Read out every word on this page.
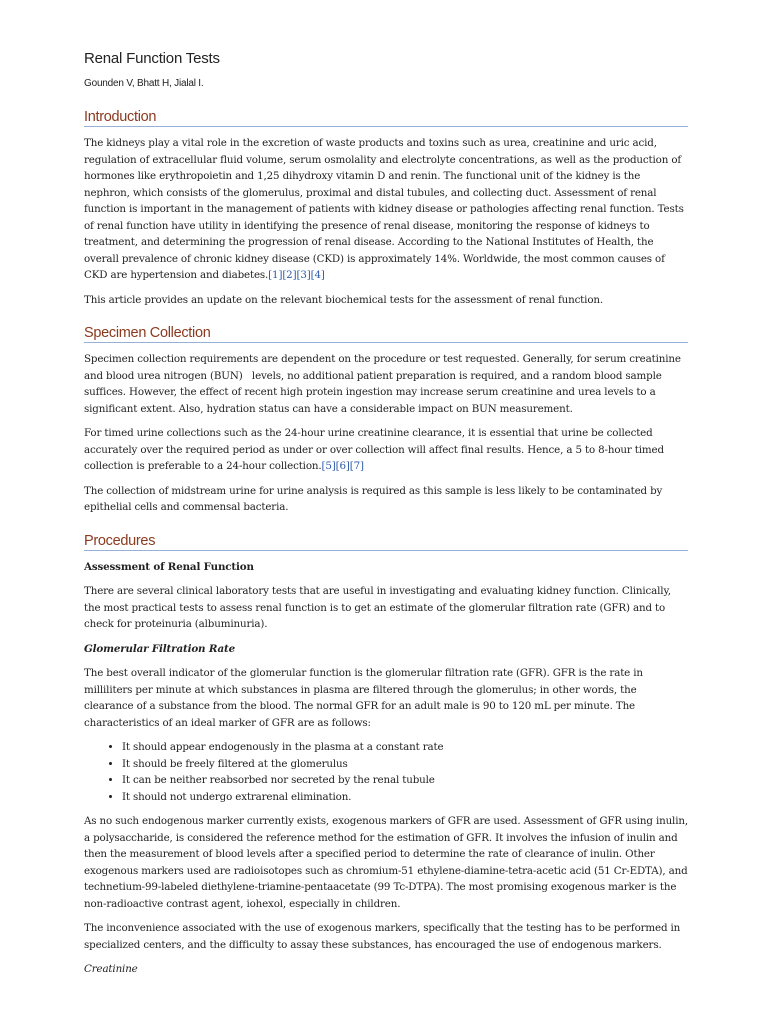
Renal Function Tests
Gounden V, Bhatt H, Jialal I.
Introduction

The kidneys play a vital role in the excretion of waste products and toxins such as urea, creatinine and uric acid, regulation of extracellular fluid volume, serum osmolality and electrolyte concentrations, as well as the production of hormones like erythropoietin and 1,25 dihydroxy vitamin D and renin. The functional unit of the kidney is the nephron, which consists of the glomerulus, proximal and distal tubules, and collecting duct. Assessment of renal function is important in the management of patients with kidney disease or pathologies affecting renal function. Tests of renal function have utility in identifying the presence of renal disease, monitoring the response of kidneys to treatment, and determining the progression of renal disease. According to the National Institutes of Health, the overall prevalence of chronic kidney disease (CKD) is approximately 14%. Worldwide, the most common causes of CKD are hypertension and diabetes.[1][2][3][4]

This article provides an update on the relevant biochemical tests for the assessment of renal function.

Specimen Collection

Specimen collection requirements are dependent on the procedure or test requested. Generally, for serum creatinine and blood urea nitrogen (BUN)   levels, no additional patient preparation is required, and a random blood sample suffices. However, the effect of recent high protein ingestion may increase serum creatinine and urea levels to a significant extent. Also, hydration status can have a considerable impact on BUN measurement.

For timed urine collections such as the 24-hour urine creatinine clearance, it is essential that urine be collected accurately over the required period as under or over collection will affect final results. Hence, a 5 to 8-hour timed collection is preferable to a 24-hour collection.[5][6][7]

The collection of midstream urine for urine analysis is required as this sample is less likely to be contaminated by epithelial cells and commensal bacteria.

Procedures

Assessment of Renal Function

There are several clinical laboratory tests that are useful in investigating and evaluating kidney function. Clinically, the most practical tests to assess renal function is to get an estimate of the glomerular filtration rate (GFR) and to check for proteinuria (albuminuria).

Glomerular Filtration Rate

The best overall indicator of the glomerular function is the glomerular filtration rate (GFR). GFR is the rate in milliliters per minute at which substances in plasma are filtered through the glomerulus; in other words, the clearance of a substance from the blood. The normal GFR for an adult male is 90 to 120 mL per minute. The characteristics of an ideal marker of GFR are as follows:

• It should appear endogenously in the plasma at a constant rate
• It should be freely filtered at the glomerulus
• It can be neither reabsorbed nor secreted by the renal tubule
• It should not undergo extrarenal elimination.

As no such endogenous marker currently exists, exogenous markers of GFR are used. Assessment of GFR using inulin, a polysaccharide, is considered the reference method for the estimation of GFR. It involves the infusion of inulin and then the measurement of blood levels after a specified period to determine the rate of clearance of inulin. Other exogenous markers used are radioisotopes such as chromium-51 ethylene-diamine-tetra-acetic acid (51 Cr-EDTA), and technetium-99-labeled diethylene-triamine-pentaacetate (99 Tc-DTPA). The most promising exogenous marker is the non-radioactive contrast agent, iohexol, especially in children.

The inconvenience associated with the use of exogenous markers, specifically that the testing has to be performed in specialized centers, and the difficulty to assay these substances, has encouraged the use of endogenous markers.

Creatinine
